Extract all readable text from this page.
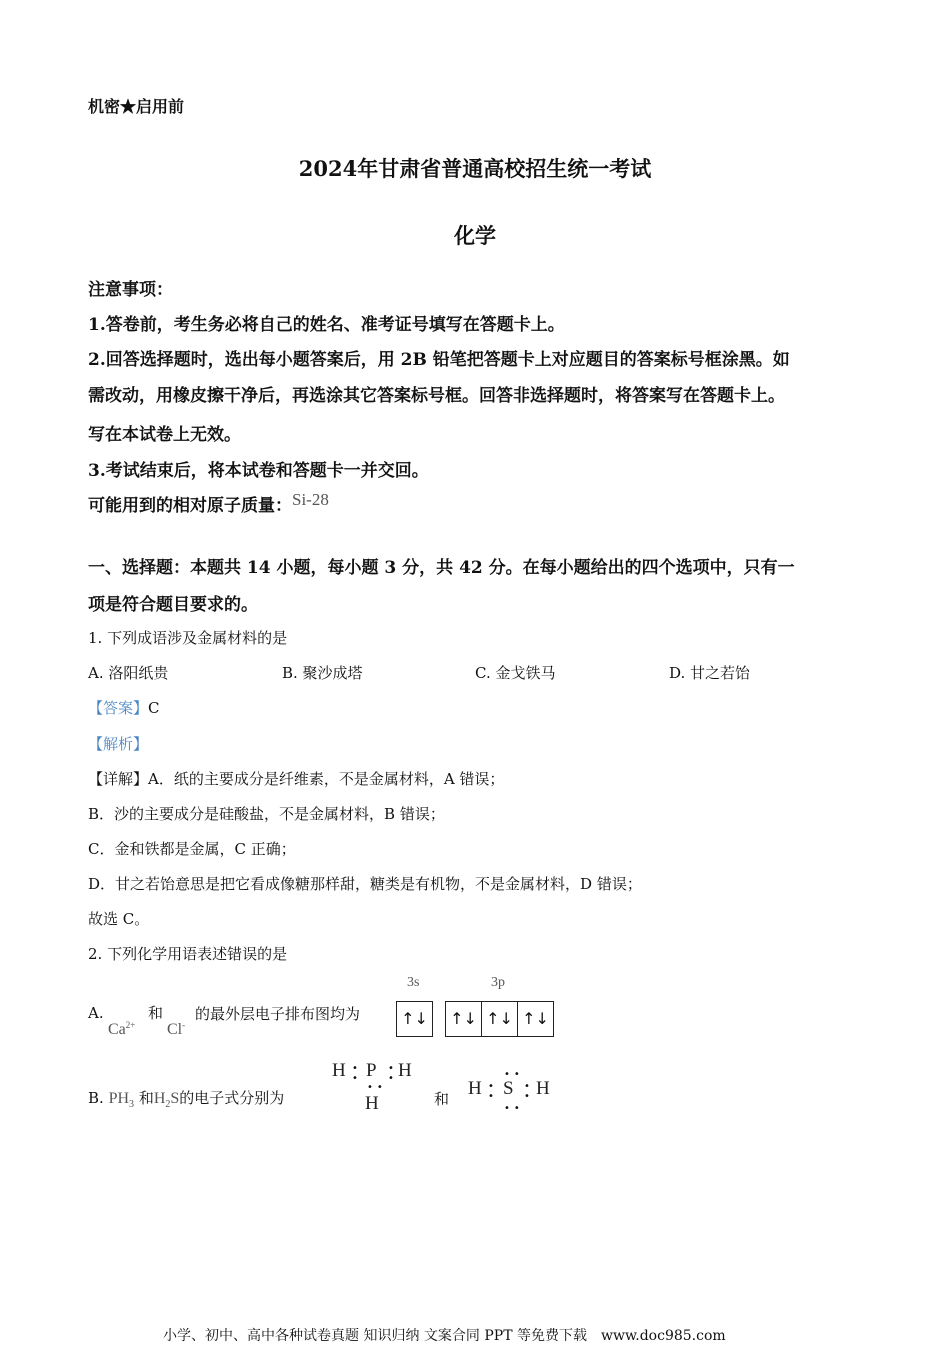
机密★启用前
2024年甘肃省普通高校招生统一考试
化学
注意事项：
1.答卷前，考生务必将自己的姓名、准考证号填写在答题卡上。
2.回答选择题时，选出每小题答案后，用 2B 铅笔把答题卡上对应题目的答案标号框涂黑。如
需改动，用橡皮擦干净后，再选涂其它答案标号框。回答非选择题时，将答案写在答题卡上。
写在本试卷上无效。
3.考试结束后，将本试卷和答题卡一并交回。
可能用到的相对原子质量：Si-28
一、选择题：本题共 14 小题，每小题 3 分，共 42 分。在每小题给出的四个选项中，只有一
项是符合题目要求的。
1. 下列成语涉及金属材料的是
A. 洛阳纸贵	B. 聚沙成塔	C. 金戈铁马	D. 甘之若饴
【答案】C
【解析】
【详解】A．纸的主要成分是纤维素，不是金属材料，A 错误；
B．沙的主要成分是硅酸盐，不是金属材料，B 错误；
C．金和铁都是金属，C 正确；
D．甘之若饴意思是把它看成像糖那样甜，糖类是有机物，不是金属材料，D 错误；
故选 C。
2. 下列化学用语表述错误的是
A.
$Ca^{2+}$
和
Cl-
的最外层电子排布图均为
3s	3p
↑↓ ↑↓ ↑↓ ↑↓
B. $PH_3$ 和$H_2S$的电子式分别为
H •
• P •
• H
••
H	和
••
H •
• S •
• H
••
小学、初中、高中各种试卷真题 知识归纳 文案合同 PPT 等免费下载　www.doc985.com
